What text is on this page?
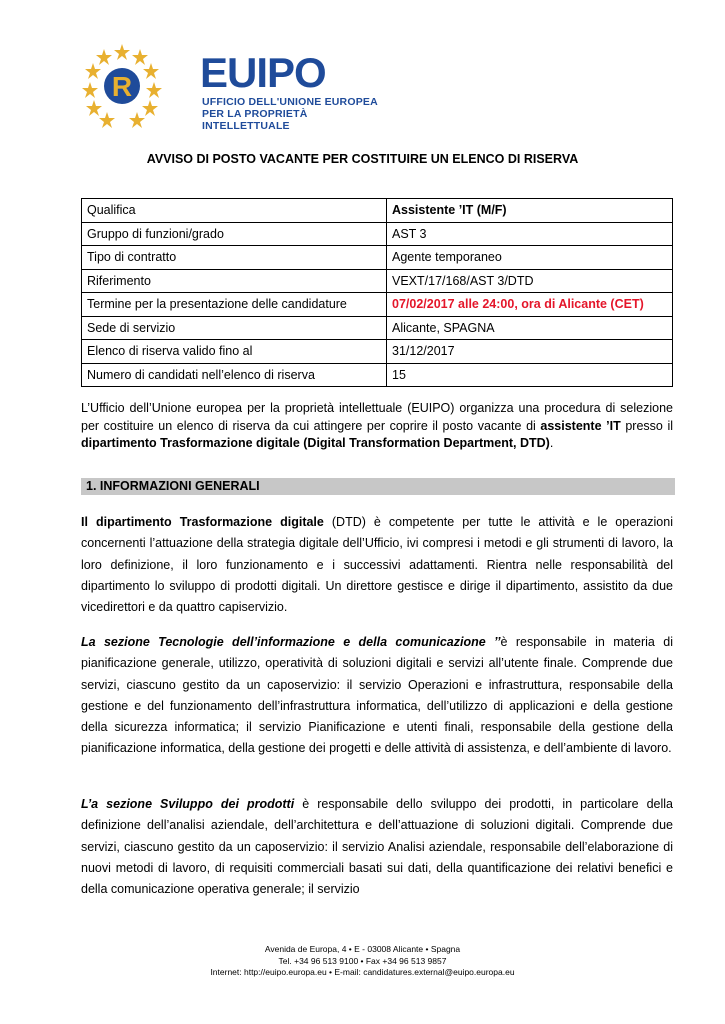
R EUIPO
UFFICIO DELL'UNIONE EUROPEA
PER LA PROPRIETÀ INTELLETTUALE
AVVISO DI POSTO VACANTE PER COSTITUIRE UN ELENCO DI RISERVA
Qualifica	Assistente ’IT (M/F)
Gruppo di funzioni/grado	AST 3
Tipo di contratto	Agente temporaneo
Riferimento	VEXT/17/168/AST 3/DTD
Termine per la presentazione delle candidature	07/02/2017 alle 24:00, ora di Alicante (CET)
Sede di servizio	Alicante, SPAGNA
Elenco di riserva valido fino al	31/12/2017
Numero di candidati nell’elenco di riserva	15
L’Ufficio dell’Unione europea per la proprietà intellettuale (EUIPO) organizza una procedura di selezione per costituire un elenco di riserva da cui attingere per coprire il posto vacante di assistente ’IT presso il dipartimento Trasformazione digitale (Digital Transformation Department, DTD).
1. INFORMAZIONI GENERALI
Il dipartimento Trasformazione digitale (DTD) è competente per tutte le attività e le operazioni concernenti l’attuazione della strategia digitale dell’Ufficio, ivi compresi i metodi e gli strumenti di lavoro, la loro definizione, il loro funzionamento e i successivi adattamenti. Rientra nelle responsabilità del dipartimento lo sviluppo di prodotti digitali. Un direttore gestisce e dirige il dipartimento, assistito da due vicedirettori e da quattro capiservizio.
La sezione Tecnologie dell’informazione e della comunicazione ’’è responsabile in materia di pianificazione generale, utilizzo, operatività di soluzioni digitali e servizi all’utente finale. Comprende due servizi, ciascuno gestito da un caposervizio: il servizio Operazioni e infrastruttura, responsabile della gestione e del funzionamento dell’infrastruttura informatica, dell’utilizzo di applicazioni e della gestione della sicurezza informatica; il servizio Pianificazione e utenti finali, responsabile della gestione della pianificazione informatica, della gestione dei progetti e delle attività di assistenza, e dell’ambiente di lavoro.
L’a sezione Sviluppo dei prodotti è responsabile dello sviluppo dei prodotti, in particolare della definizione dell’analisi aziendale, dell’architettura e dell’attuazione di soluzioni digitali. Comprende due servizi, ciascuno gestito da un caposervizio: il servizio Analisi aziendale, responsabile dell’elaborazione di nuovi metodi di lavoro, di requisiti commerciali basati sui dati, della quantificazione dei relativi benefici e della comunicazione operativa generale; il servizio
Avenida de Europa, 4 • E - 03008 Alicante • Spagna
Tel. +34 96 513 9100 • Fax +34 96 513 9857
Internet: http://euipo.europa.eu • E-mail: candidatures.external@euipo.europa.eu
